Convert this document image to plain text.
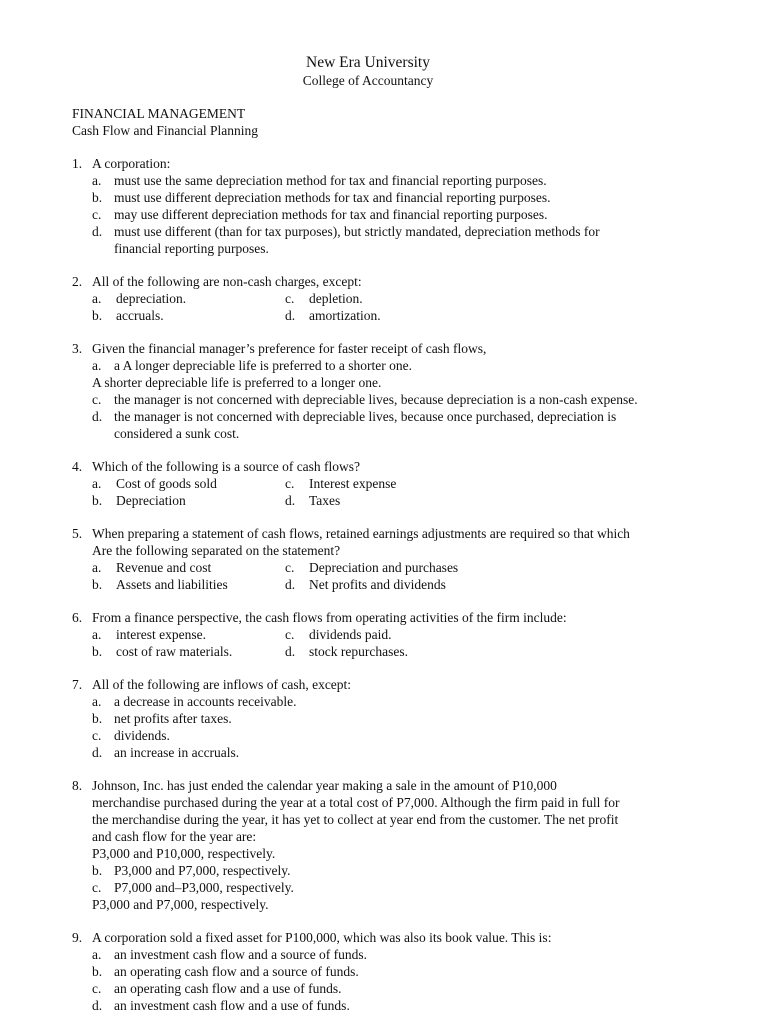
New Era University
College of Accountancy
FINANCIAL MANAGEMENT
Cash Flow and Financial Planning
1. A corporation:
a. must use the same depreciation method for tax and financial reporting purposes.
b. must use different depreciation methods for tax and financial reporting purposes.
c. may use different depreciation methods for tax and financial reporting purposes.
d. must use different (than for tax purposes), but strictly mandated, depreciation methods for
financial reporting purposes.
2. All of the following are non-cash charges, except:
a. depreciation.
b. accruals.
c. depletion.
d. amortization.
3. Given the financial manager’s preference for faster receipt of cash flows,
a. a A longer depreciable life is preferred to a shorter one.
A shorter depreciable life is preferred to a longer one.
c. the manager is not concerned with depreciable lives, because depreciation is a non-cash expense.
d. the manager is not concerned with depreciable lives, because once purchased, depreciation is
considered a sunk cost.
4. Which of the following is a source of cash flows?
a. Cost of goods sold
b. Depreciation
c. Interest expense
d. Taxes
5. When preparing a statement of cash flows, retained earnings adjustments are required so that which
Are the following separated on the statement?
a. Revenue and cost
b. Assets and liabilities
c. Depreciation and purchases
d. Net profits and dividends
6. From a finance perspective, the cash flows from operating activities of the firm include:
a. interest expense.
b. cost of raw materials.
c. dividends paid.
d. stock repurchases.
7. All of the following are inflows of cash, except:
a. a decrease in accounts receivable.
b. net profits after taxes.
c. dividends.
d. an increase in accruals.
8. Johnson, Inc. has just ended the calendar year making a sale in the amount of P10,000
merchandise purchased during the year at a total cost of P7,000. Although the firm paid in full for
the merchandise during the year, it has yet to collect at year end from the customer. The net profit
and cash flow for the year are:
P3,000 and P10,000, respectively.
b. P3,000 and P7,000, respectively.
c. P7,000 and–P3,000, respectively.
P3,000 and P7,000, respectively.
9. A corporation sold a fixed asset for P100,000, which was also its book value. This is:
a. an investment cash flow and a source of funds.
b. an operating cash flow and a source of funds.
c. an operating cash flow and a use of funds.
d. an investment cash flow and a use of funds.
